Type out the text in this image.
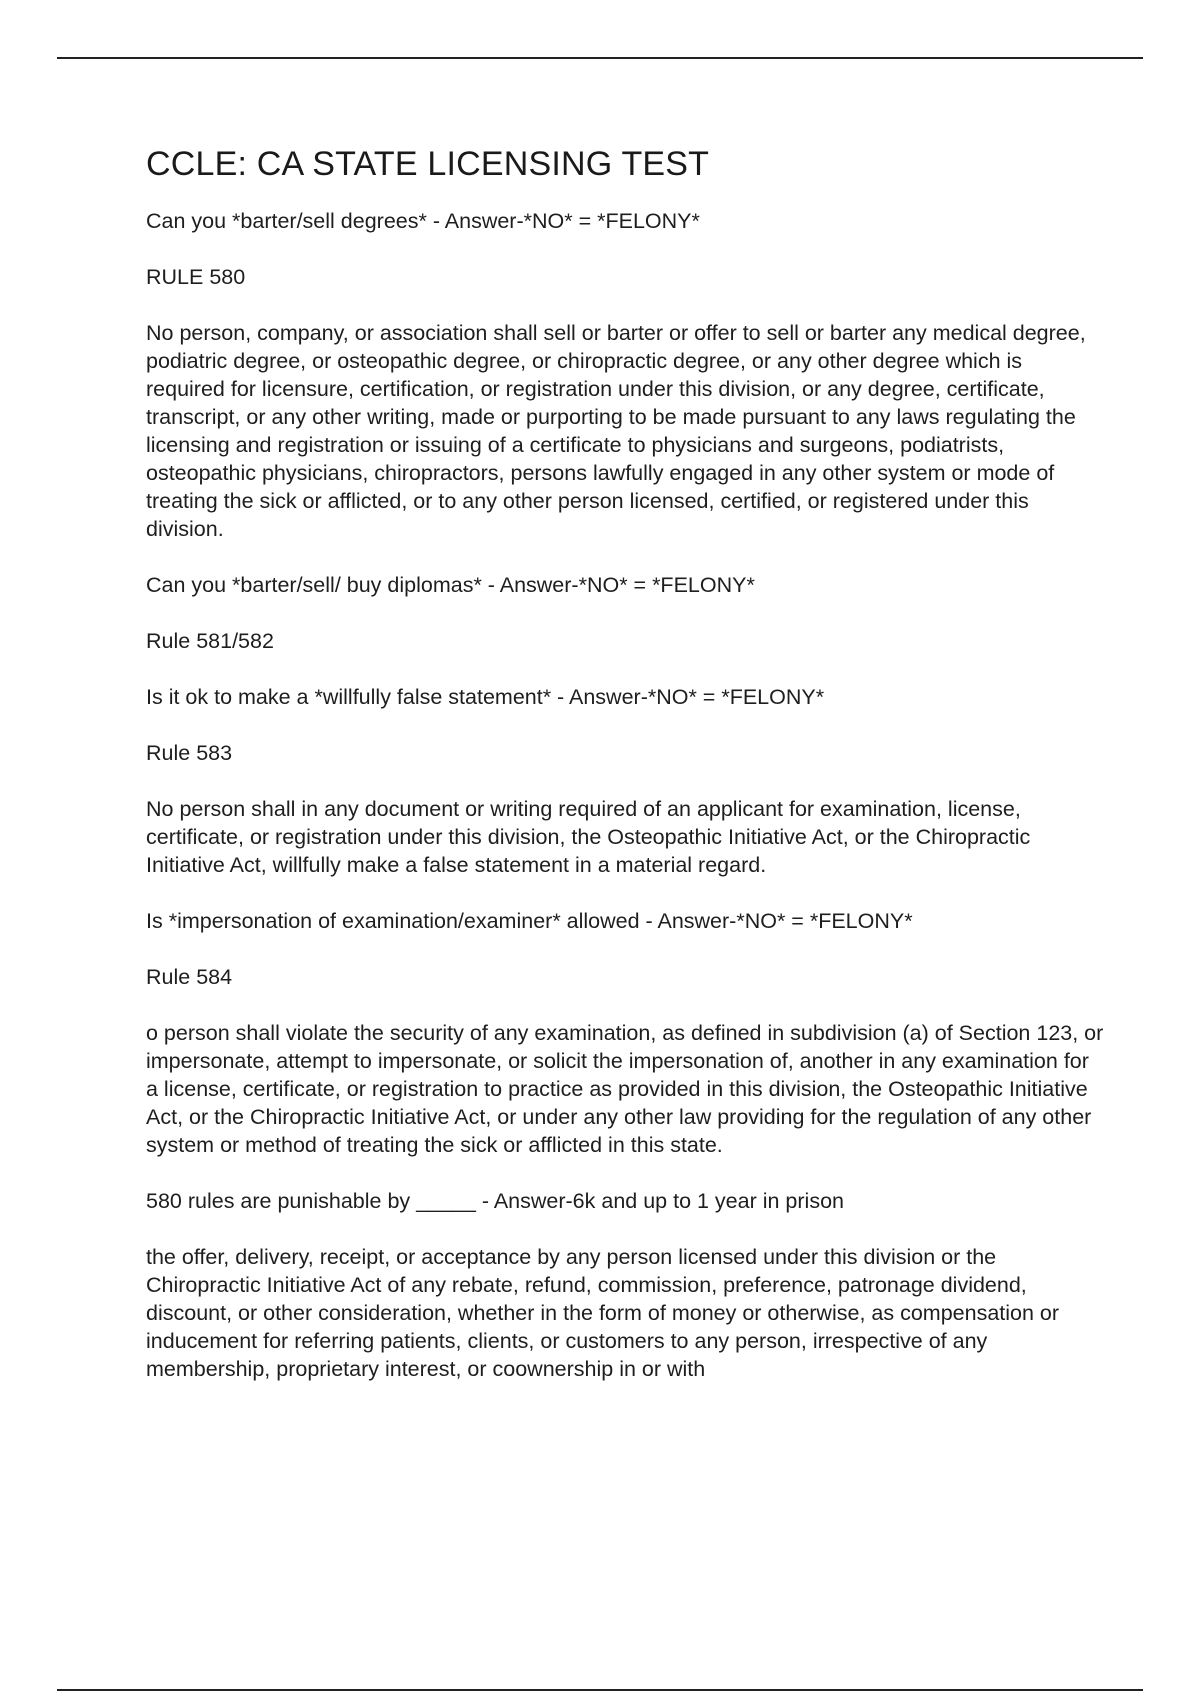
CCLE: CA STATE LICENSING TEST

Can you *barter/sell degrees* - Answer-*NO* = *FELONY*

RULE 580

No person, company, or association shall sell or barter or offer to sell or barter any medical degree, podiatric degree, or osteopathic degree, or chiropractic degree, or any other degree which is required for licensure, certification, or registration under this division, or any degree, certificate, transcript, or any other writing, made or purporting to be made pursuant to any laws regulating the licensing and registration or issuing of a certificate to physicians and surgeons, podiatrists, osteopathic physicians, chiropractors, persons lawfully engaged in any other system or mode of treating the sick or afflicted, or to any other person licensed, certified, or registered under this division.

Can you *barter/sell/ buy diplomas* - Answer-*NO* = *FELONY*

Rule 581/582

Is it ok to make a *willfully false statement* - Answer-*NO* = *FELONY*

Rule 583

No person shall in any document or writing required of an applicant for examination, license, certificate, or registration under this division, the Osteopathic Initiative Act, or the Chiropractic Initiative Act, willfully make a false statement in a material regard.

Is *impersonation of examination/examiner* allowed - Answer-*NO* = *FELONY*

Rule 584

o person shall violate the security of any examination, as defined in subdivision (a) of Section 123, or impersonate, attempt to impersonate, or solicit the impersonation of, another in any examination for a license, certificate, or registration to practice as provided in this division, the Osteopathic Initiative Act, or the Chiropractic Initiative Act, or under any other law providing for the regulation of any other system or method of treating the sick or afflicted in this state.

580 rules are punishable by _____ - Answer-6k and up to 1 year in prison

the offer, delivery, receipt, or acceptance by any person licensed under this division or the Chiropractic Initiative Act of any rebate, refund, commission, preference, patronage dividend, discount, or other consideration, whether in the form of money or otherwise, as compensation or inducement for referring patients, clients, or customers to any person, irrespective of any membership, proprietary interest, or coownership in or with
